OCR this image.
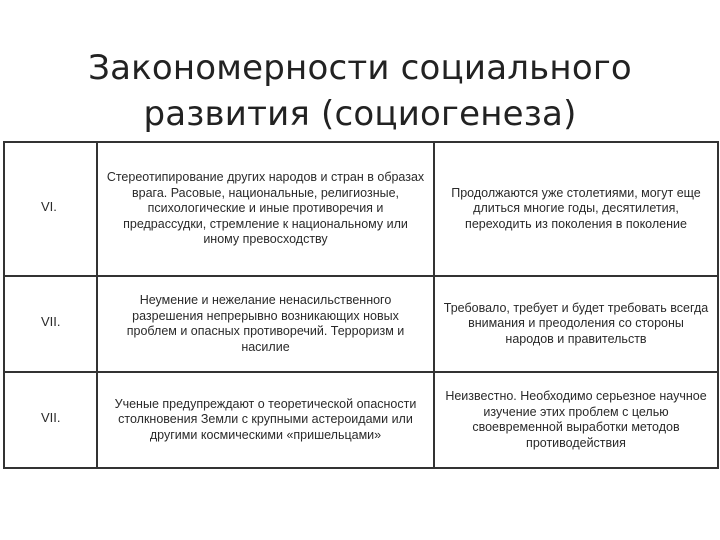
Закономерности социального
развития (социогенеза)
VI.	Стереотипирование других народов и стран в образах врага. Расовые, национальные, религиозные, психологические и иные противоречия и предрассудки, стремление к национальному или иному превосходству	Продолжаются уже столетиями, могут еще длиться многие годы, десятилетия, переходить из поколения в поколение
VII.	Неумение и нежелание ненасильственного разрешения непрерывно возникающих новых проблем и опасных противоречий. Терроризм и насилие	Требовало, требует и будет требовать всегда внимания и преодоления со стороны народов и правительств
VII.	Ученые предупреждают о теоретической опасности столкновения Земли с крупными астероидами или другими космическими «пришельцами»	Неизвестно. Необходимо серьезное научное изучение этих проблем с целью своевременной выработки методов противодействия
